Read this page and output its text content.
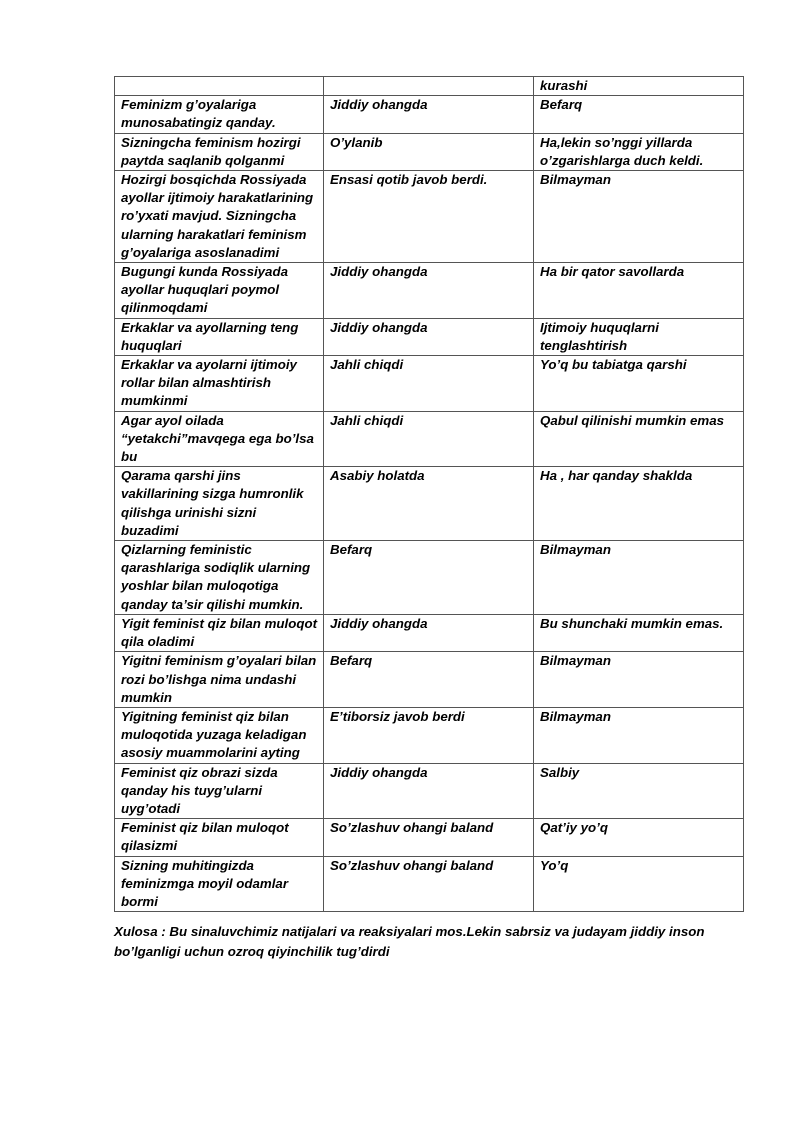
		kurashi
Feminizm g’oyalariga munosabatingiz qanday.	Jiddiy ohangda	Befarq
Sizningcha feminism hozirgi paytda saqlanib qolganmi	O’ylanib	Ha,lekin so’nggi yillarda o’zgarishlarga duch keldi.
Hozirgi bosqichda Rossiyada ayollar ijtimoiy harakatlarining ro’yxati mavjud. Sizningcha ularning harakatlari feminism g’oyalariga asoslanadimi	Ensasi qotib javob berdi.	Bilmayman
Bugungi kunda Rossiyada ayollar huquqlari poymol qilinmoqdami	Jiddiy ohangda	Ha bir qator savollarda
Erkaklar va ayollarning teng huquqlari	Jiddiy ohangda	Ijtimoiy huquqlarni tenglashtirish
Erkaklar va ayolarni ijtimoiy rollar bilan almashtirish mumkinmi	Jahli chiqdi	Yo’q bu tabiatga qarshi
Agar ayol oilada “yetakchi”mavqega ega bo’lsa bu	Jahli chiqdi	Qabul qilinishi mumkin emas
Qarama qarshi jins vakillarining sizga humronlik qilishga urinishi sizni buzadimi	Asabiy holatda	Ha , har qanday shaklda
Qizlarning feministic qarashlariga sodiqlik ularning yoshlar bilan muloqotiga qanday ta’sir qilishi mumkin.	Befarq	Bilmayman
Yigit feminist qiz bilan muloqot qila oladimi	Jiddiy ohangda	Bu shunchaki mumkin emas.
Yigitni feminism g’oyalari bilan rozi bo’lishga nima undashi mumkin	Befarq	Bilmayman
Yigitning feminist qiz bilan muloqotida yuzaga keladigan asosiy muammolarini ayting	E’tiborsiz javob berdi	Bilmayman
Feminist qiz obrazi sizda qanday his tuyg’ularni uyg’otadi	Jiddiy ohangda	Salbiy
Feminist qiz bilan muloqot qilasizmi	So’zlashuv ohangi baland	Qat’iy yo’q
Sizning muhitingizda feminizmga moyil odamlar bormi	So’zlashuv ohangi baland	Yo’q

Xulosa : Bu sinaluvchimiz natijalari va reaksiyalari mos.Lekin sabrsiz va judayam jiddiy inson bo’lganligi uchun ozroq qiyinchilik tug’dirdi
